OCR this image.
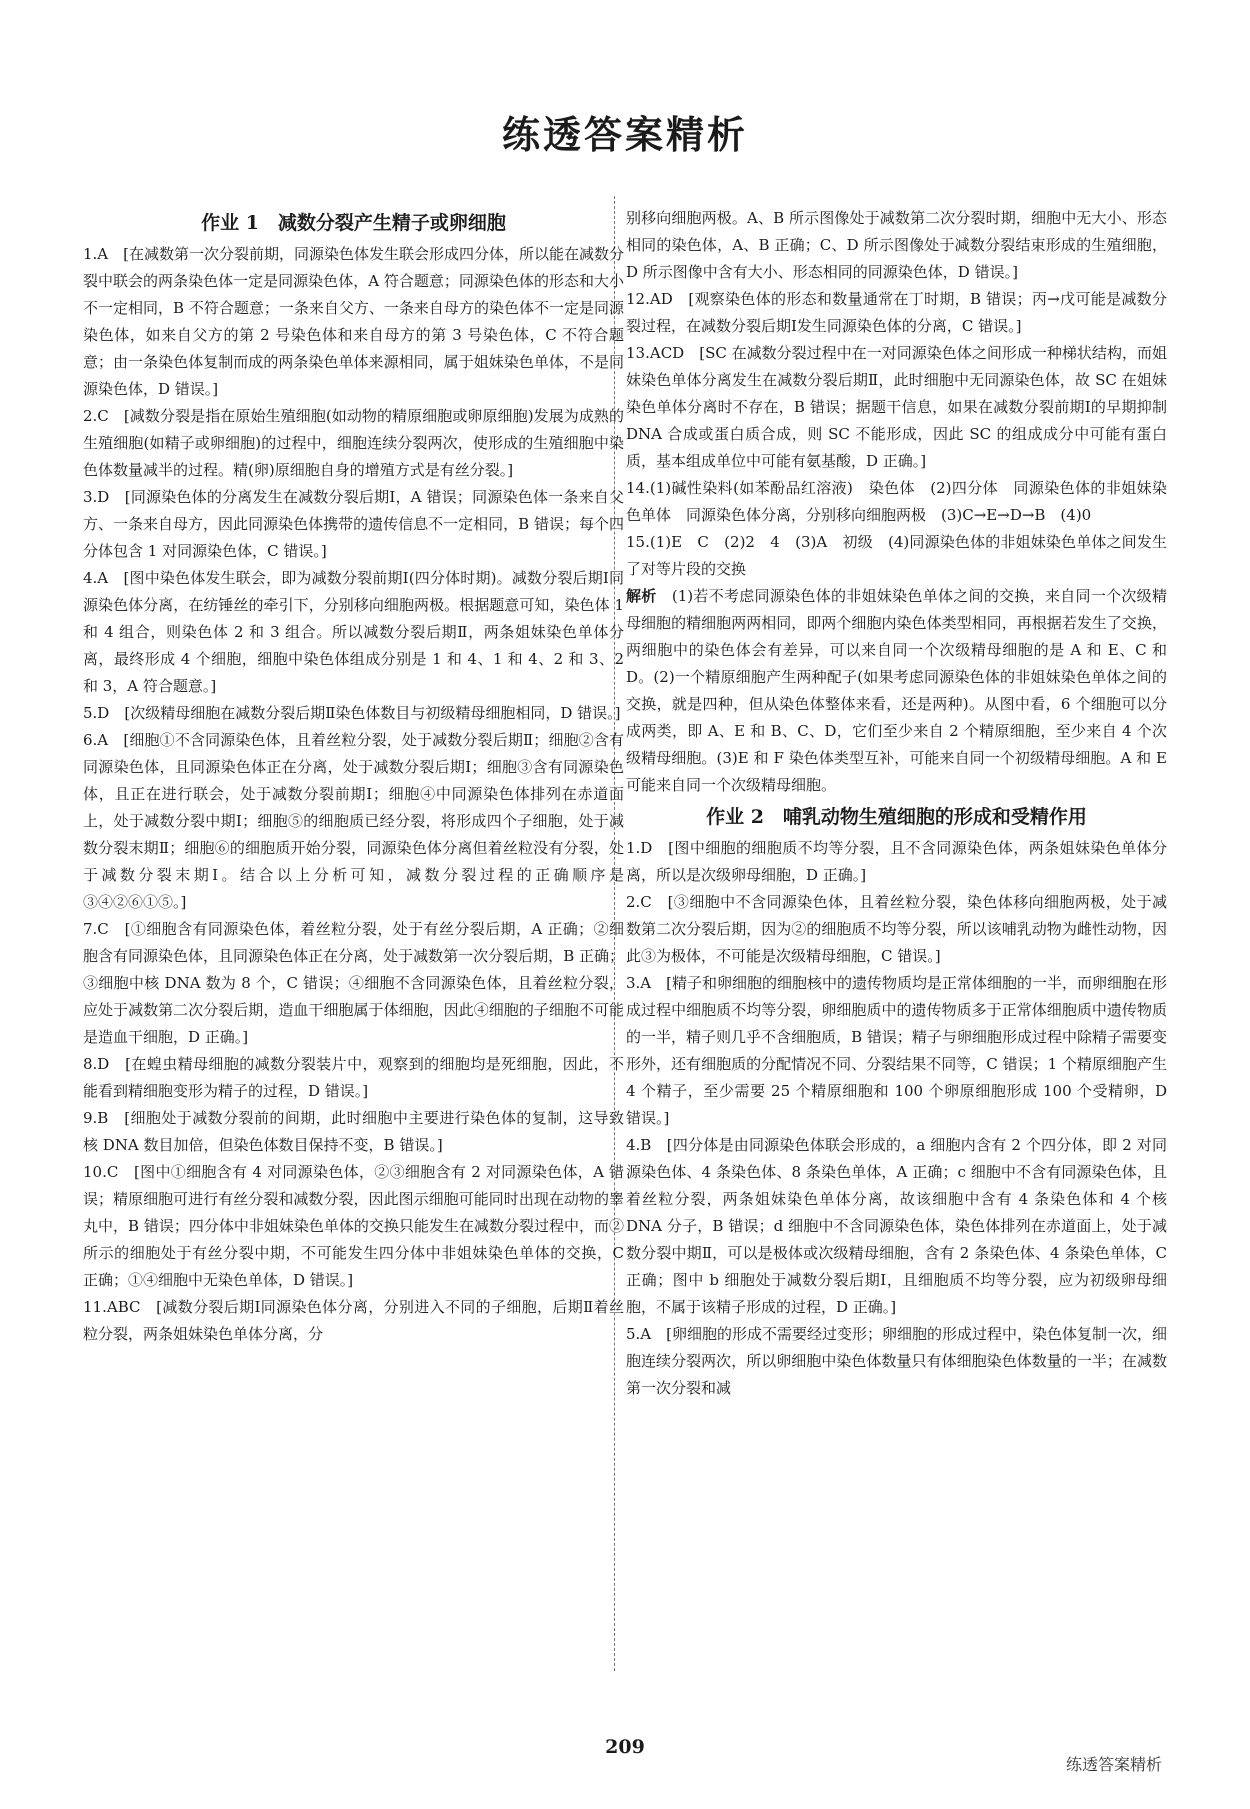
练透答案精析
作业 1　减数分裂产生精子或卵细胞
1.A　[在减数第一次分裂前期，同源染色体发生联会形成四分体，所以能在减数分裂中联会的两条染色体一定是同源染色体，A 符合题意；同源染色体的形态和大小不一定相同，B 不符合题意；一条来自父方、一条来自母方的染色体不一定是同源染色体，如来自父方的第 2 号染色体和来自母方的第 3 号染色体，C 不符合题意；由一条染色体复制而成的两条染色单体来源相同，属于姐妹染色单体，不是同源染色体，D 错误。]
2.C　[减数分裂是指在原始生殖细胞(如动物的精原细胞或卵原细胞)发展为成熟的生殖细胞(如精子或卵细胞)的过程中，细胞连续分裂两次，使形成的生殖细胞中染色体数量减半的过程。精(卵)原细胞自身的增殖方式是有丝分裂。]
3.D　[同源染色体的分离发生在减数分裂后期Ⅰ，A 错误；同源染色体一条来自父方、一条来自母方，因此同源染色体携带的遗传信息不一定相同，B 错误；每个四分体包含 1 对同源染色体，C 错误。]
4.A　[图中染色体发生联会，即为减数分裂前期Ⅰ(四分体时期)。减数分裂后期Ⅰ同源染色体分离，在纺锤丝的牵引下，分别移向细胞两极。根据题意可知，染色体 1 和 4 组合，则染色体 2 和 3 组合。所以减数分裂后期Ⅱ，两条姐妹染色单体分离，最终形成 4 个细胞，细胞中染色体组成分别是 1 和 4、1 和 4、2 和 3、2 和 3，A 符合题意。]
5.D　[次级精母细胞在减数分裂后期Ⅱ染色体数目与初级精母细胞相同，D 错误。]
6.A　[细胞①不含同源染色体，且着丝粒分裂，处于减数分裂后期Ⅱ；细胞②含有同源染色体，且同源染色体正在分离，处于减数分裂后期Ⅰ；细胞③含有同源染色体，且正在进行联会，处于减数分裂前期Ⅰ；细胞④中同源染色体排列在赤道面上，处于减数分裂中期Ⅰ；细胞⑤的细胞质已经分裂，将形成四个子细胞，处于减数分裂末期Ⅱ；细胞⑥的细胞质开始分裂，同源染色体分离但着丝粒没有分裂，处于减数分裂末期Ⅰ。结合以上分析可知，减数分裂过程的正确顺序是③④②⑥①⑤。]
7.C　[①细胞含有同源染色体，着丝粒分裂，处于有丝分裂后期，A 正确；②细胞含有同源染色体，且同源染色体正在分离，处于减数第一次分裂后期，B 正确；③细胞中核 DNA 数为 8 个，C 错误；④细胞不含同源染色体，且着丝粒分裂，应处于减数第二次分裂后期，造血干细胞属于体细胞，因此④细胞的子细胞不可能是造血干细胞，D 正确。]
8.D　[在蝗虫精母细胞的减数分裂装片中，观察到的细胞均是死细胞，因此，不能看到精细胞变形为精子的过程，D 错误。]
9.B　[细胞处于减数分裂前的间期，此时细胞中主要进行染色体的复制，这导致核 DNA 数目加倍，但染色体数目保持不变，B 错误。]
10.C　[图中①细胞含有 4 对同源染色体，②③细胞含有 2 对同源染色体，A 错误；精原细胞可进行有丝分裂和减数分裂，因此图示细胞可能同时出现在动物的睾丸中，B 错误；四分体中非姐妹染色单体的交换只能发生在减数分裂过程中，而②所示的细胞处于有丝分裂中期，不可能发生四分体中非姐妹染色单体的交换，C 正确；①④细胞中无染色单体，D 错误。]
11.ABC　[减数分裂后期Ⅰ同源染色体分离，分别进入不同的子细胞，后期Ⅱ着丝粒分裂，两条姐妹染色单体分离，分
别移向细胞两极。A、B 所示图像处于减数第二次分裂时期，细胞中无大小、形态相同的染色体，A、B 正确；C、D 所示图像处于减数分裂结束形成的生殖细胞，D 所示图像中含有大小、形态相同的同源染色体，D 错误。]
12.AD　[观察染色体的形态和数量通常在丁时期，B 错误；丙→戊可能是减数分裂过程，在减数分裂后期Ⅰ发生同源染色体的分离，C 错误。]
13.ACD　[SC 在减数分裂过程中在一对同源染色体之间形成一种梯状结构，而姐妹染色单体分离发生在减数分裂后期Ⅱ，此时细胞中无同源染色体，故 SC 在姐妹染色单体分离时不存在，B 错误；据题干信息，如果在减数分裂前期Ⅰ的早期抑制 DNA 合成或蛋白质合成，则 SC 不能形成，因此 SC 的组成成分中可能有蛋白质，基本组成单位中可能有氨基酸，D 正确。]
14.(1)碱性染料(如苯酚品红溶液)　染色体　(2)四分体　同源染色体的非姐妹染色单体　同源染色体分离，分别移向细胞两极　(3)C→E→D→B　(4)0
15.(1)E　C　(2)2　4　(3)A　初级　(4)同源染色体的非姐妹染色单体之间发生了对等片段的交换
解析　 (1)若不考虑同源染色体的非姐妹染色单体之间的交换，来自同一个次级精母细胞的精细胞两两相同，即两个细胞内染色体类型相同，再根据若发生了交换，两细胞中的染色体会有差异，可以来自同一个次级精母细胞的是 A 和 E、C 和 D。(2)一个精原细胞产生两种配子(如果考虑同源染色体的非姐妹染色单体之间的交换，就是四种，但从染色体整体来看，还是两种)。从图中看，6 个细胞可以分成两类，即 A、E 和 B、C、D，它们至少来自 2 个精原细胞，至少来自 4 个次级精母细胞。(3)E 和 F 染色体类型互补，可能来自同一个初级精母细胞。A 和 E 可能来自同一个次级精母细胞。
作业 2　哺乳动物生殖细胞的形成和受精作用
1.D　[图中细胞的细胞质不均等分裂，且不含同源染色体，两条姐妹染色单体分离，所以是次级卵母细胞，D 正确。]
2.C　[③细胞中不含同源染色体，且着丝粒分裂，染色体移向细胞两极，处于减数第二次分裂后期，因为②的细胞质不均等分裂，所以该哺乳动物为雌性动物，因此③为极体，不可能是次级精母细胞，C 错误。]
3.A　[精子和卵细胞的细胞核中的遗传物质均是正常体细胞的一半，而卵细胞在形成过程中细胞质不均等分裂，卵细胞质中的遗传物质多于正常体细胞质中遗传物质的一半，精子则几乎不含细胞质，B 错误；精子与卵细胞形成过程中除精子需要变形外，还有细胞质的分配情况不同、分裂结果不同等，C 错误；1 个精原细胞产生 4 个精子，至少需要 25 个精原细胞和 100 个卵原细胞形成 100 个受精卵，D 错误。]
4.B　[四分体是由同源染色体联会形成的，a 细胞内含有 2 个四分体，即 2 对同源染色体、4 条染色体、8 条染色单体，A 正确；c 细胞中不含有同源染色体，且着丝粒分裂，两条姐妹染色单体分离，故该细胞中含有 4 条染色体和 4 个核 DNA 分子，B 错误；d 细胞中不含同源染色体，染色体排列在赤道面上，处于减数分裂中期Ⅱ，可以是极体或次级精母细胞，含有 2 条染色体、4 条染色单体，C 正确；图中 b 细胞处于减数分裂后期Ⅰ，且细胞质不均等分裂，应为初级卵母细胞，不属于该精子形成的过程，D 正确。]
5.A　[卵细胞的形成不需要经过变形；卵细胞的形成过程中，染色体复制一次，细胞连续分裂两次，所以卵细胞中染色体数量只有体细胞染色体数量的一半；在减数第一次分裂和减
209
练透答案精析
